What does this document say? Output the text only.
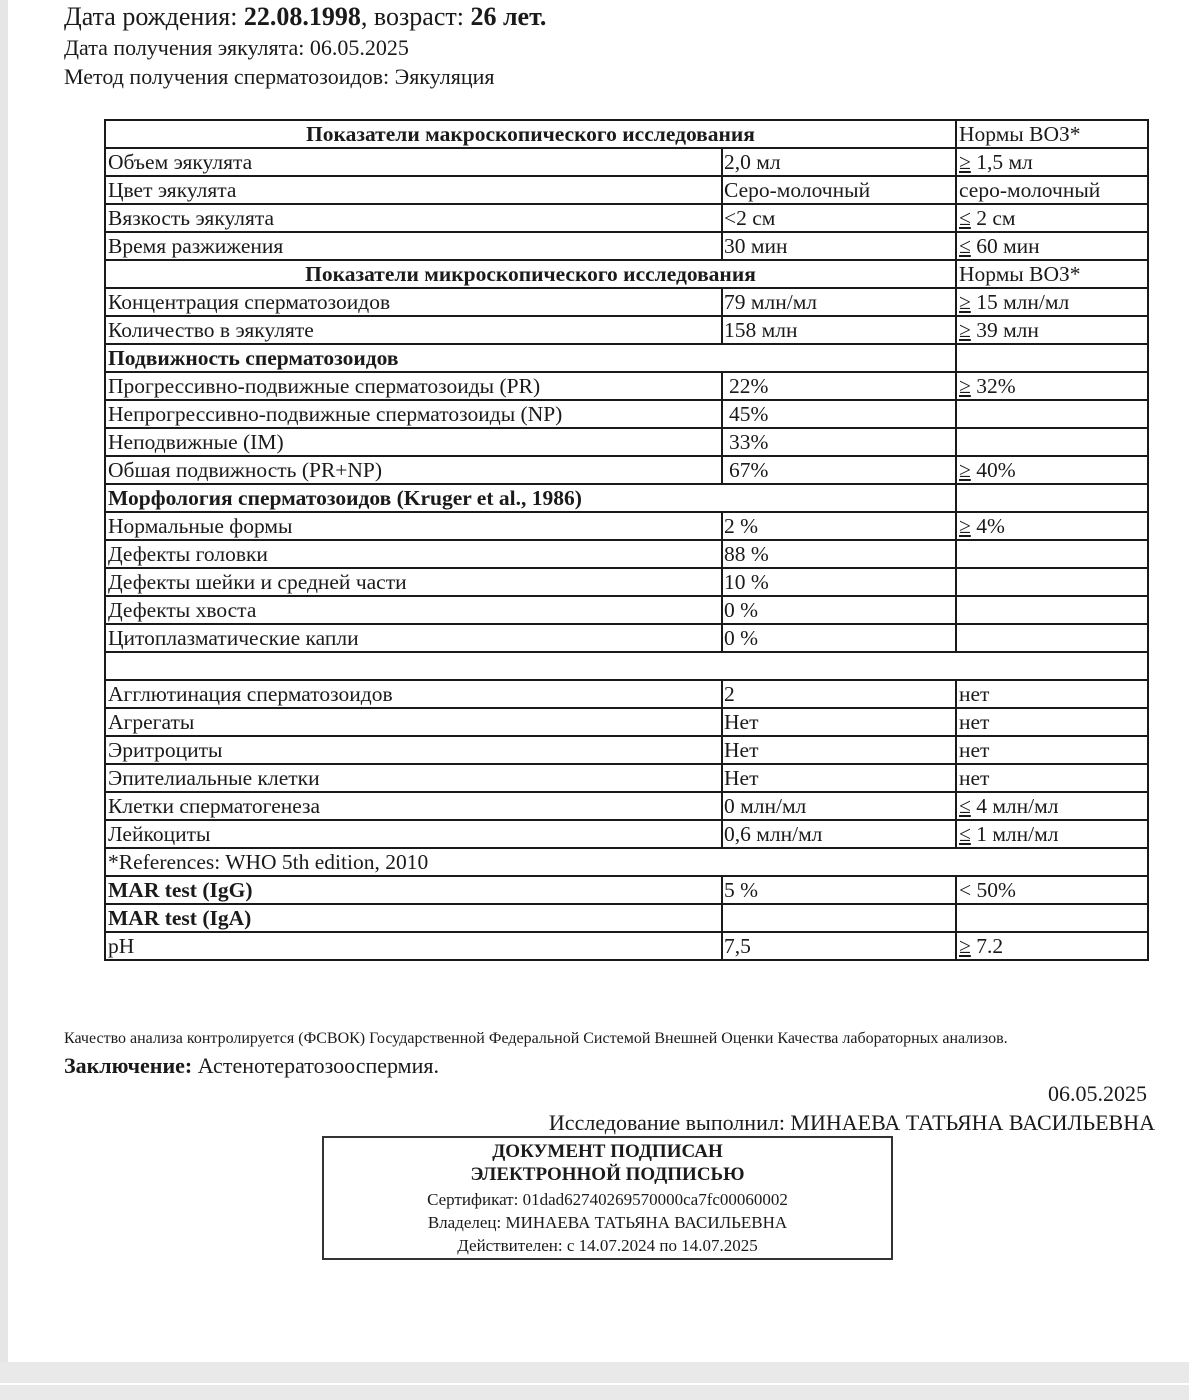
Дата рождения: 22.08.1998, возраст: 26 лет.
Дата получения эякулята: 06.05.2025
Метод получения сперматозоидов: Эякуляция
Показатели макроскопического исследования		Нормы ВОЗ*
Объем эякулята	2,0 мл	≥ 1,5 мл
Цвет эякулята	Серо-молочный	серо-молочный
Вязкость эякулята	<2 см	≤ 2 см
Время разжижения	30 мин	≤ 60 мин
Показатели микроскопического исследования		Нормы ВОЗ*
Концентрация сперматозоидов	79 млн/мл	≥ 15 млн/мл
Количество в эякуляте	158 млн	≥ 39 млн
Подвижность сперматозоидов		
Прогрессивно-подвижные сперматозоиды (PR)	22%	≥ 32%
Непрогрессивно-подвижные сперматозоиды (NP)	45%	
Неподвижные (IM)	33%	
Обшая подвижность (PR+NP)	67%	≥ 40%
Морфология сперматозоидов (Kruger et al., 1986)		
Нормальные формы	2 %	≥ 4%
Дефекты головки	88 %	
Дефекты шейки и средней части	10 %	
Дефекты хвоста	0 %	
Цитоплазматические капли	0 %	

Агглютинация сперматозоидов	2	нет
Агрегаты	Нет	нет
Эритроциты	Нет	нет
Эпителиальные клетки	Нет	нет
Клетки сперматогенеза	0 млн/мл	≤ 4 млн/мл
Лейкоциты	0,6 млн/мл	≤ 1 млн/мл
*References: WHO 5th edition, 2010		
MAR test (IgG)	5 %	< 50%
MAR test (IgA)		
pH	7,5	≥ 7.2
Качество анализа контролируется (ФСВОК) Государственной Федеральной Системой Внешней Оценки Качества лабораторных анализов.
Заключение: Астенотератозооспермия.
06.05.2025
Исследование выполнил: МИНАЕВА ТАТЬЯНА ВАСИЛЬЕВНА
ДОКУМЕНТ ПОДПИСАН
ЭЛЕКТРОННОЙ ПОДПИСЬЮ
Сертификат: 01dad62740269570000ca7fc00060002
Владелец: МИНАЕВА ТАТЬЯНА ВАСИЛЬЕВНА
Действителен: с 14.07.2024 по 14.07.2025
